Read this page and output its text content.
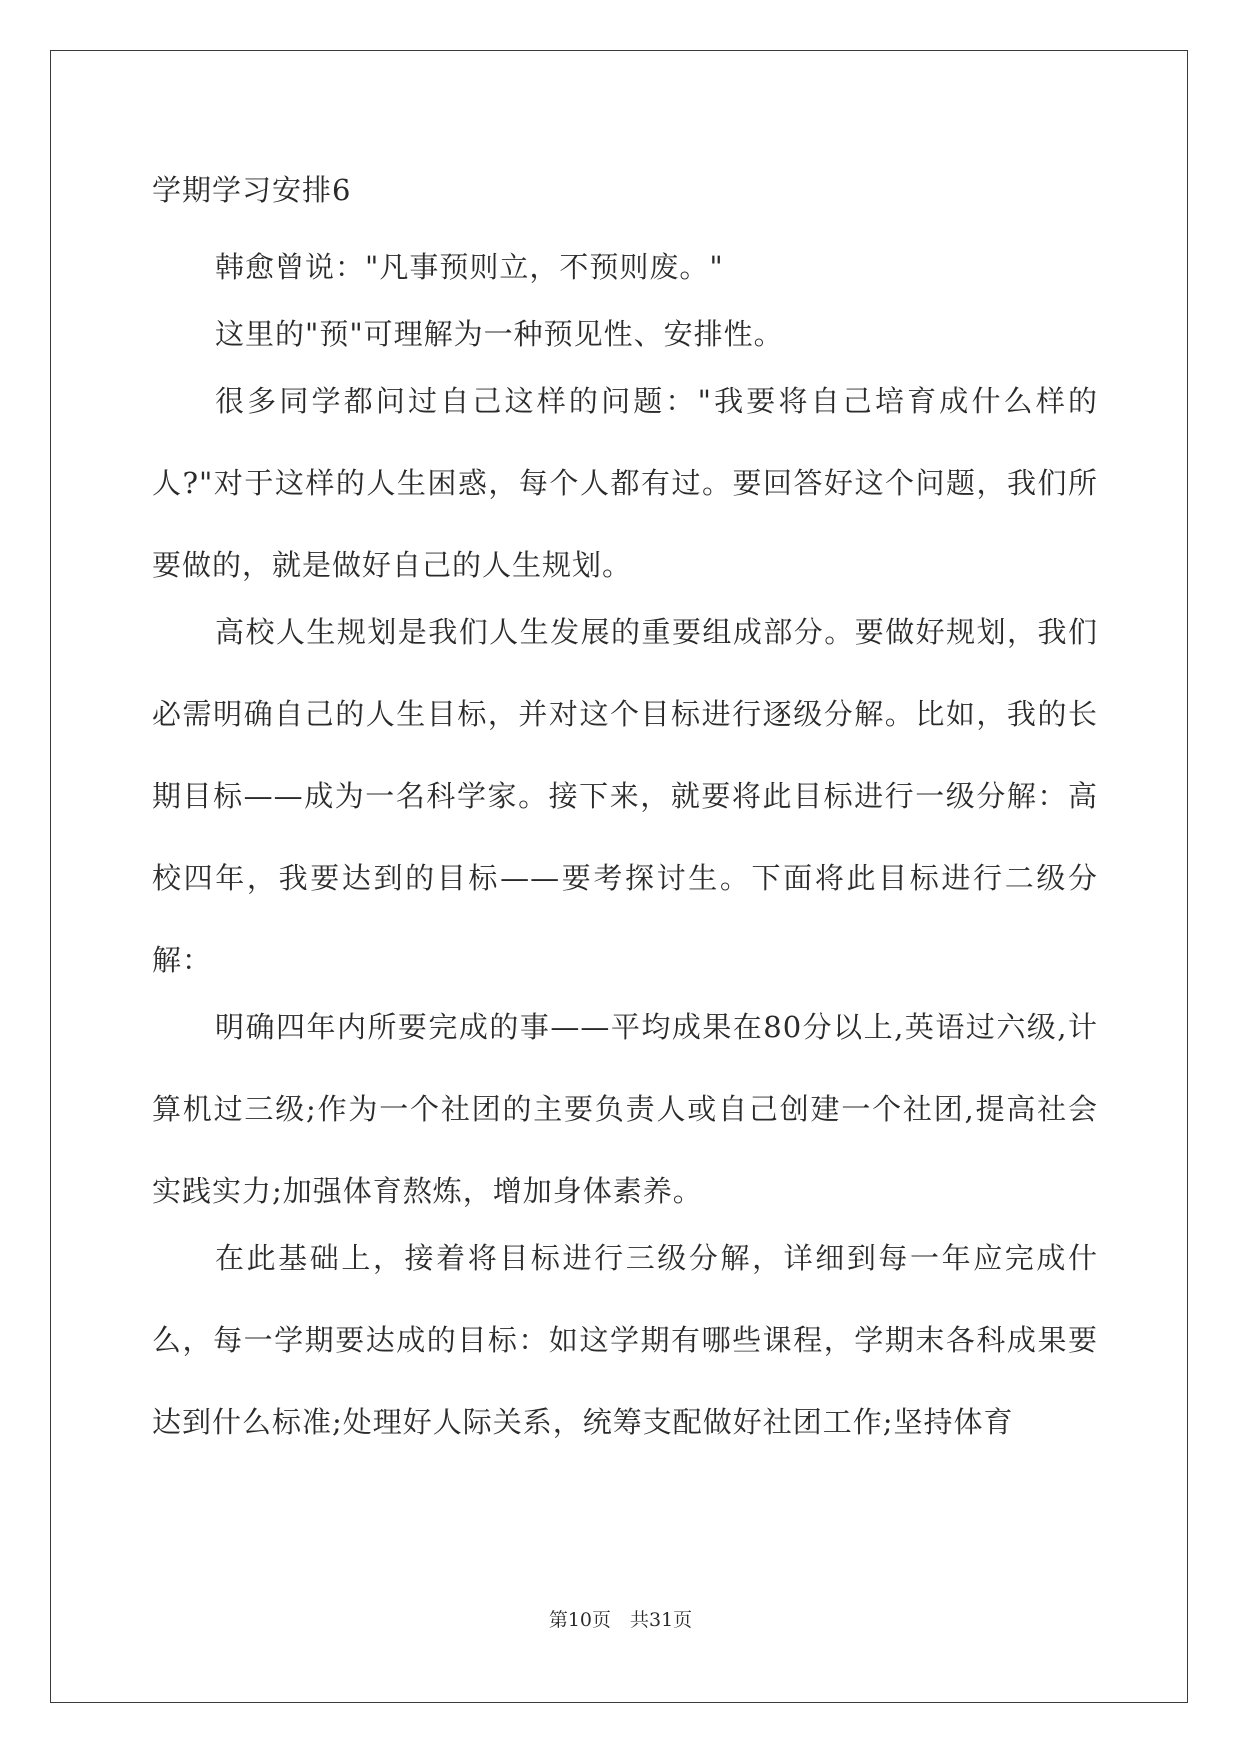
学期学习安排6

韩愈曾说："凡事预则立，不预则废。"

这里的"预"可理解为一种预见性、安排性。

很多同学都问过自己这样的问题："我要将自己培育成什么样的人?"对于这样的人生困惑，每个人都有过。要回答好这个问题，我们所要做的，就是做好自己的人生规划。

高校人生规划是我们人生发展的重要组成部分。要做好规划，我们必需明确自己的人生目标，并对这个目标进行逐级分解。比如，我的长期目标——成为一名科学家。接下来，就要将此目标进行一级分解：高校四年，我要达到的目标——要考探讨生。下面将此目标进行二级分解：

明确四年内所要完成的事——平均成果在80分以上,英语过六级,计算机过三级;作为一个社团的主要负责人或自己创建一个社团,提高社会实践实力;加强体育熬炼，增加身体素养。

在此基础上，接着将目标进行三级分解，详细到每一年应完成什么，每一学期要达成的目标：如这学期有哪些课程，学期末各科成果要达到什么标准;处理好人际关系，统筹支配做好社团工作;坚持体育

第10页　共31页
